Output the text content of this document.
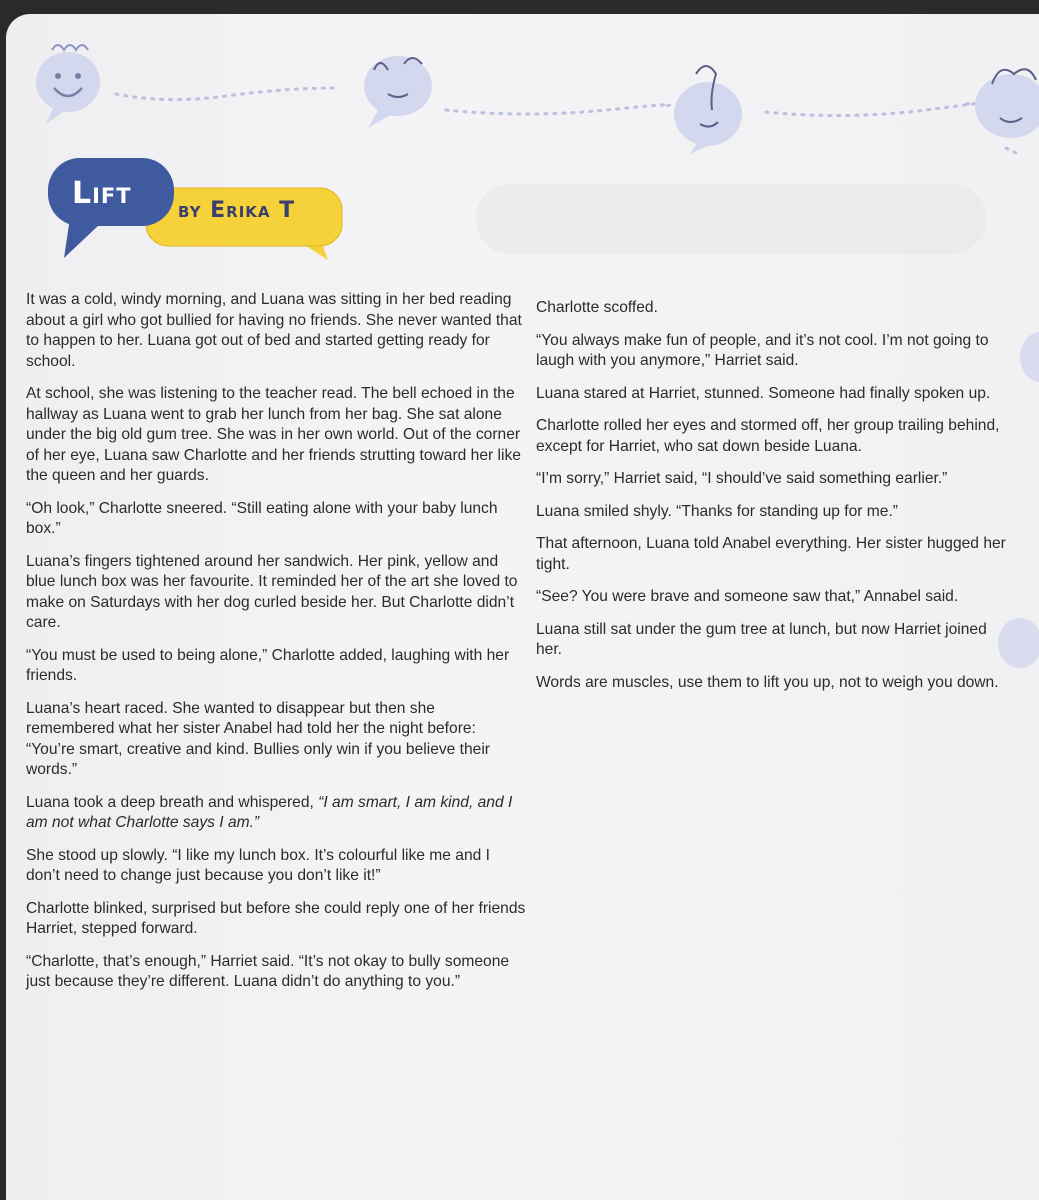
Lift by Erika T

It was a cold, windy morning, and Luana was sitting in her bed reading about a girl who got bullied for having no friends. She never wanted that to happen to her. Luana got out of bed and started getting ready for school.

At school, she was listening to the teacher read. The bell echoed in the hallway as Luana went to grab her lunch from her bag. She sat alone under the big old gum tree. She was in her own world. Out of the corner of her eye, Luana saw Charlotte and her friends strutting toward her like the queen and her guards.

“Oh look,” Charlotte sneered. “Still eating alone with your baby lunch box.”

Luana’s fingers tightened around her sandwich. Her pink, yellow and blue lunch box was her favourite. It reminded her of the art she loved to make on Saturdays with her dog curled beside her. But Charlotte didn’t care.

“You must be used to being alone,” Charlotte added, laughing with her friends.

Luana’s heart raced. She wanted to disappear but then she remembered what her sister Anabel had told her the night before: “You’re smart, creative and kind. Bullies only win if you believe their words.”

Luana took a deep breath and whispered, “I am smart, I am kind, and I am not what Charlotte says I am.”

She stood up slowly. “I like my lunch box. It’s colourful like me and I don’t need to change just because you don’t like it!”

Charlotte blinked, surprised but before she could reply one of her friends Harriet, stepped forward.

“Charlotte, that’s enough,” Harriet said. “It’s not okay to bully someone just because they’re different. Luana didn’t do anything to you.”

Charlotte scoffed.

“You always make fun of people, and it’s not cool. I’m not going to laugh with you anymore,” Harriet said.

Luana stared at Harriet, stunned. Someone had finally spoken up.

Charlotte rolled her eyes and stormed off, her group trailing behind, except for Harriet, who sat down beside Luana.

“I’m sorry,” Harriet said, “I should’ve said something earlier.”

Luana smiled shyly. “Thanks for standing up for me.”

That afternoon, Luana told Anabel everything. Her sister hugged her tight.

“See? You were brave and someone saw that,” Annabel said.

Luana still sat under the gum tree at lunch, but now Harriet joined her.

Words are muscles, use them to lift you up, not to weigh you down.
